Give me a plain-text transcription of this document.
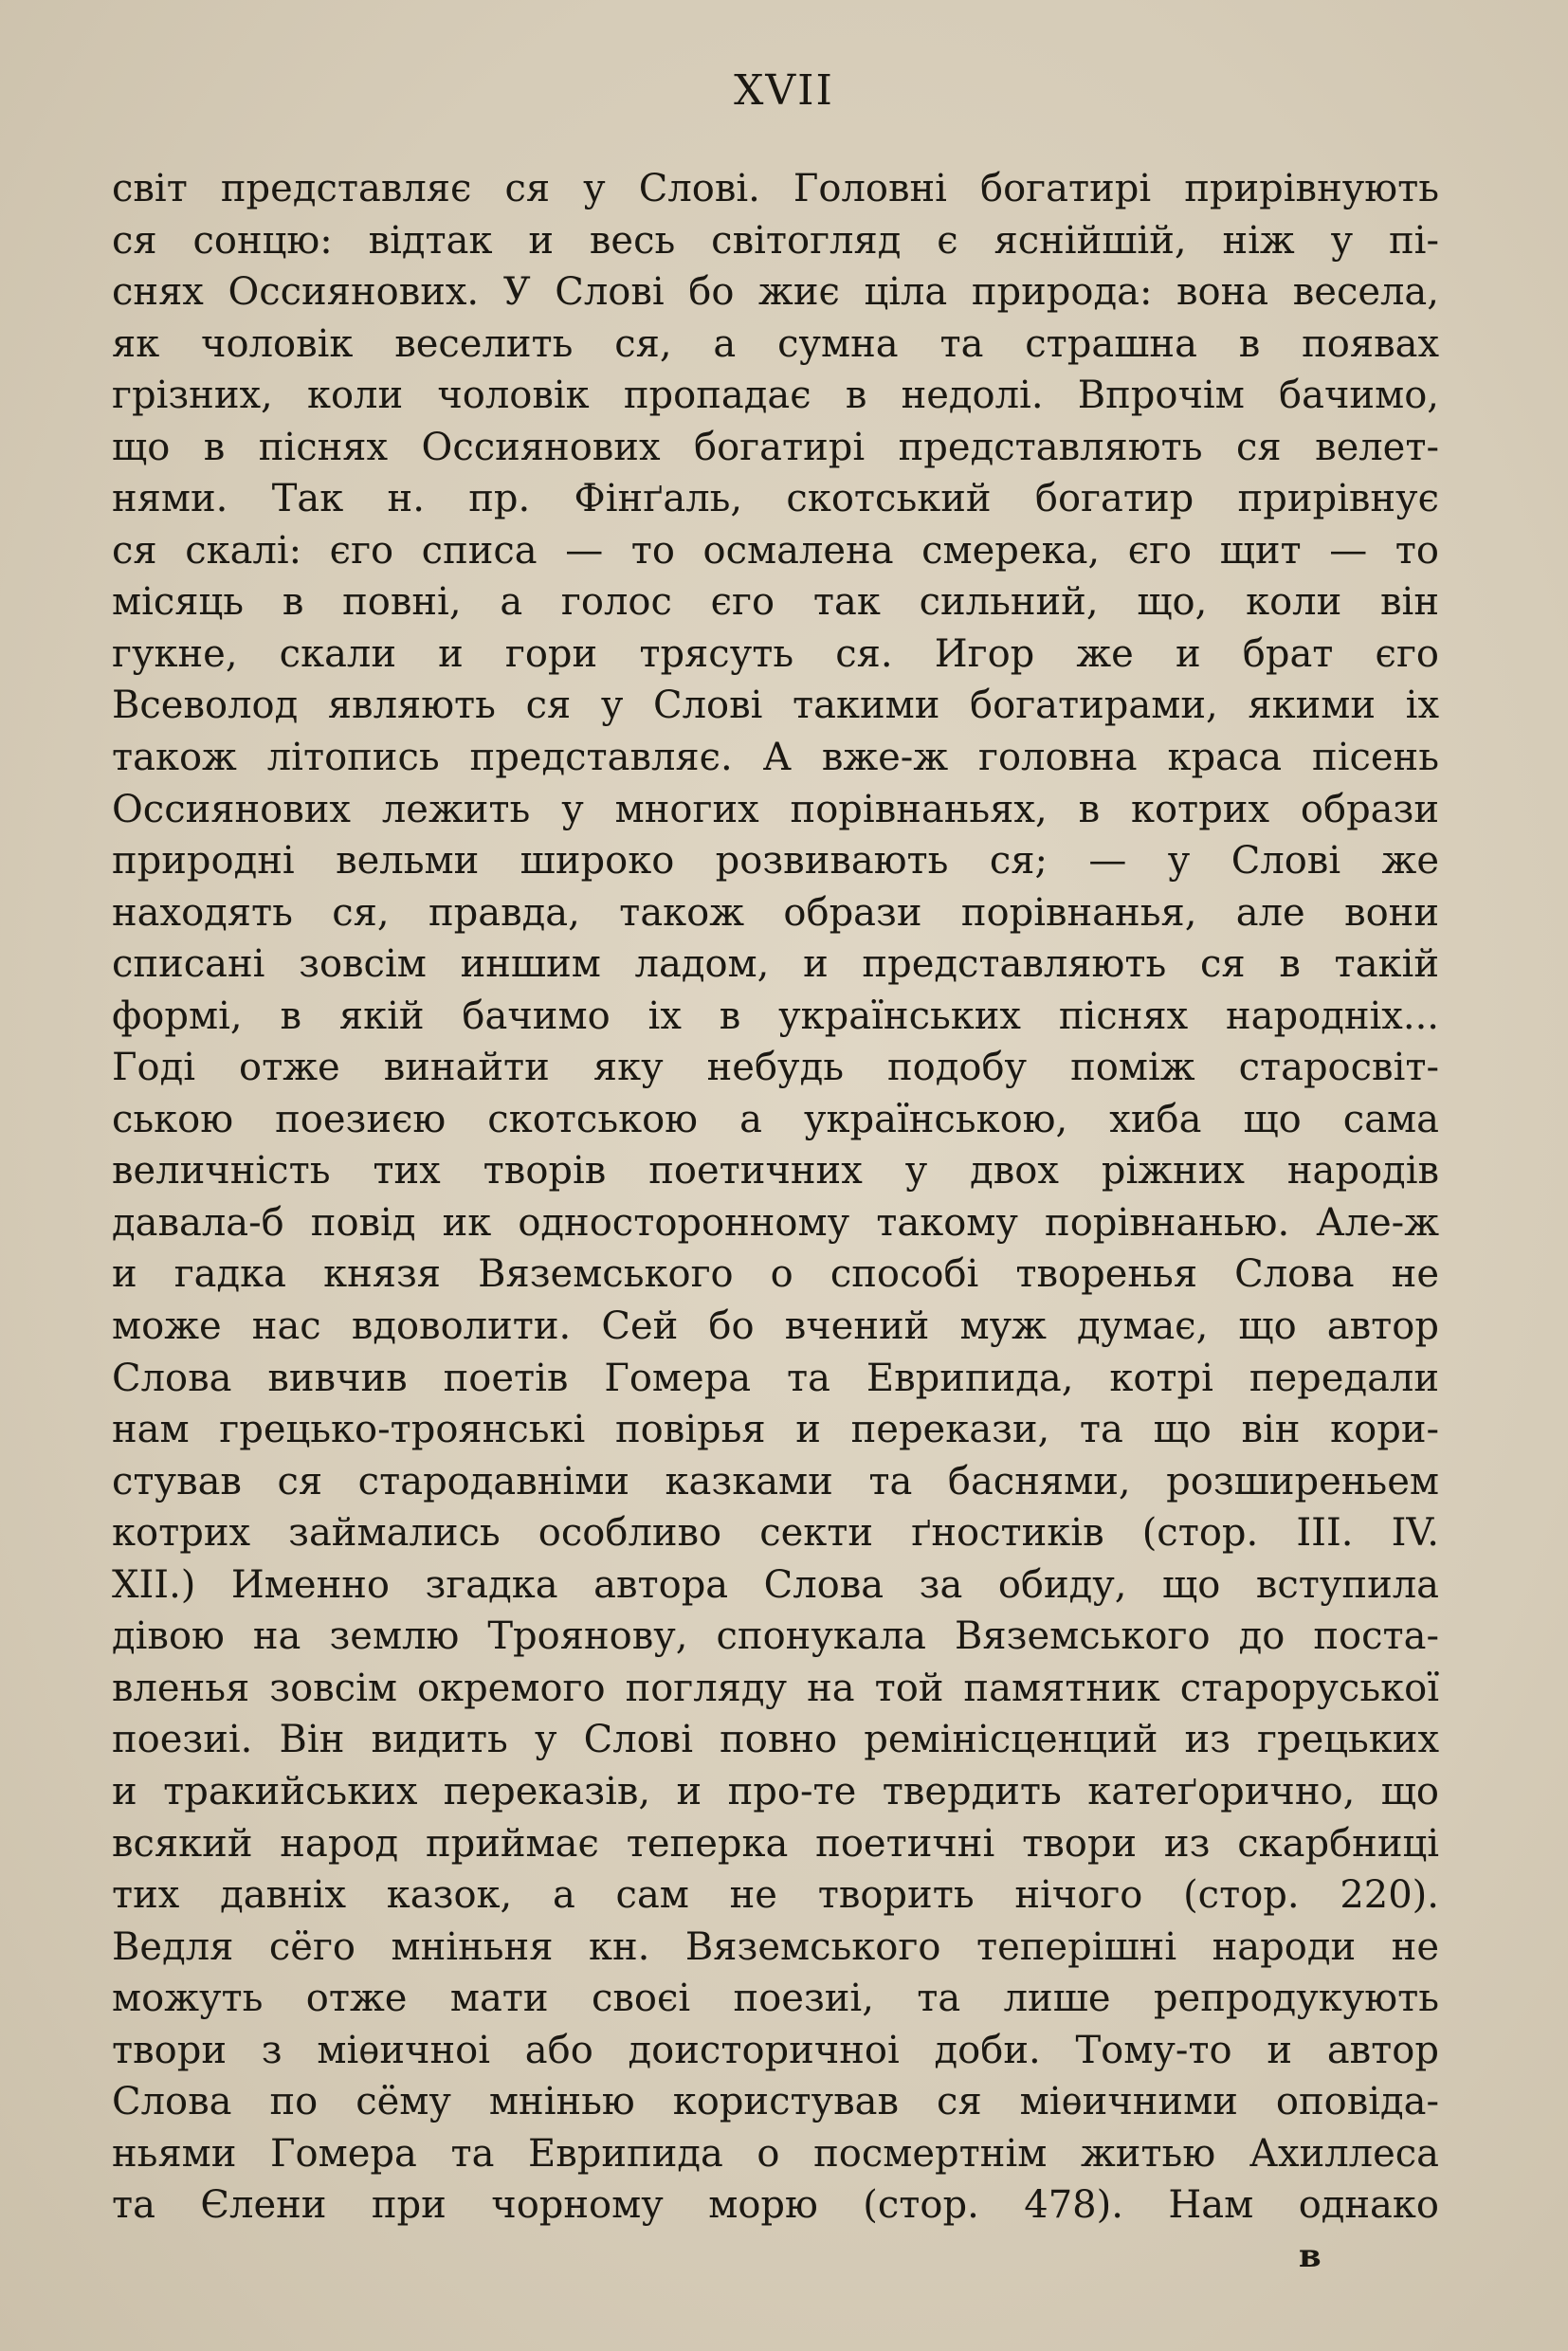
XVII
світ представляє ся у Слові. Головні богатирі прирівнують
ся сонцю: відтак и весь світогляд є яснійшій, ніж у пі-
снях Оссиянових. У Слові бо жиє ціла природа: вона весела,
як чоловік веселить ся, а сумна та страшна в появах
грізних, коли чоловік пропадає в недолі. Впрочім бачимо,
що в піснях Оссиянових богатирі представляють ся велет-
нями. Так н. пр. Фінґаль, скотський богатир прирівнує
ся скалі: єго списа — то осмалена смерека, єго щит — то
місяць в повні, а голос єго так сильний, що, коли він
гукне, скали и гори трясуть ся. Игор же и брат єго
Всеволод являють ся у Слові такими богатирами, якими іх
також літопись представляє. А вже-ж головна краса пісень
Оссиянових лежить у многих порівнаньях, в котрих образи
природні вельми широко розвивають ся; — у Слові же
находять ся, правда, також образи порівнанья, але вони
списані зовсім иншим ладом, и представляють ся в такій
формі, в якій бачимо іх в українських піснях народніх...
Годі отже винайти яку небудь подобу поміж старосвіт-
ською поезиєю скотською а українською, хиба що сама
величність тих творів поетичних у двох ріжних народів
давала-б повід ик односторонному такому порівнанью. Але-ж
и гадка князя Вяземського о способі творенья Слова не
може нас вдоволити. Сей бо вчений муж думає, що автор
Слова вивчив поетів Гомера та Еврипида, котрі передали
нам грецько-троянські повірья и перекази, та що він кори-
стував ся стародавніми казками та баснями, розширеньем
котрих займались особливо секти ґностиків (стор. III. IV.
XII.) Именно згадка автора Слова за обиду, що вступила
дівою на землю Троянову, спонукала Вяземського до поста-
вленья зовсім окремого погляду на той памятник староруської
поезиі. Він видить у Слові повно ремінісценций из грецьких
и тракийських переказів, и про-те твердить катеґорично, що
всякий народ приймає теперка поетичні твори из скарбниці
тих давніх казок, а сам не творить нічого (стор. 220).
Ведля сёго мніньня кн. Вяземського теперішні народи не
можуть отже мати своєі поезиі, та лише репродукують
твори з міѳичноі або доисторичноі доби. Тому-то и автор
Слова по сёму мнінью користував ся міѳичними оповіда-
ньями Гомера та Еврипида о посмертнім житью Ахиллеса
та Єлени при чорному морю (стор. 478). Нам однако
в
